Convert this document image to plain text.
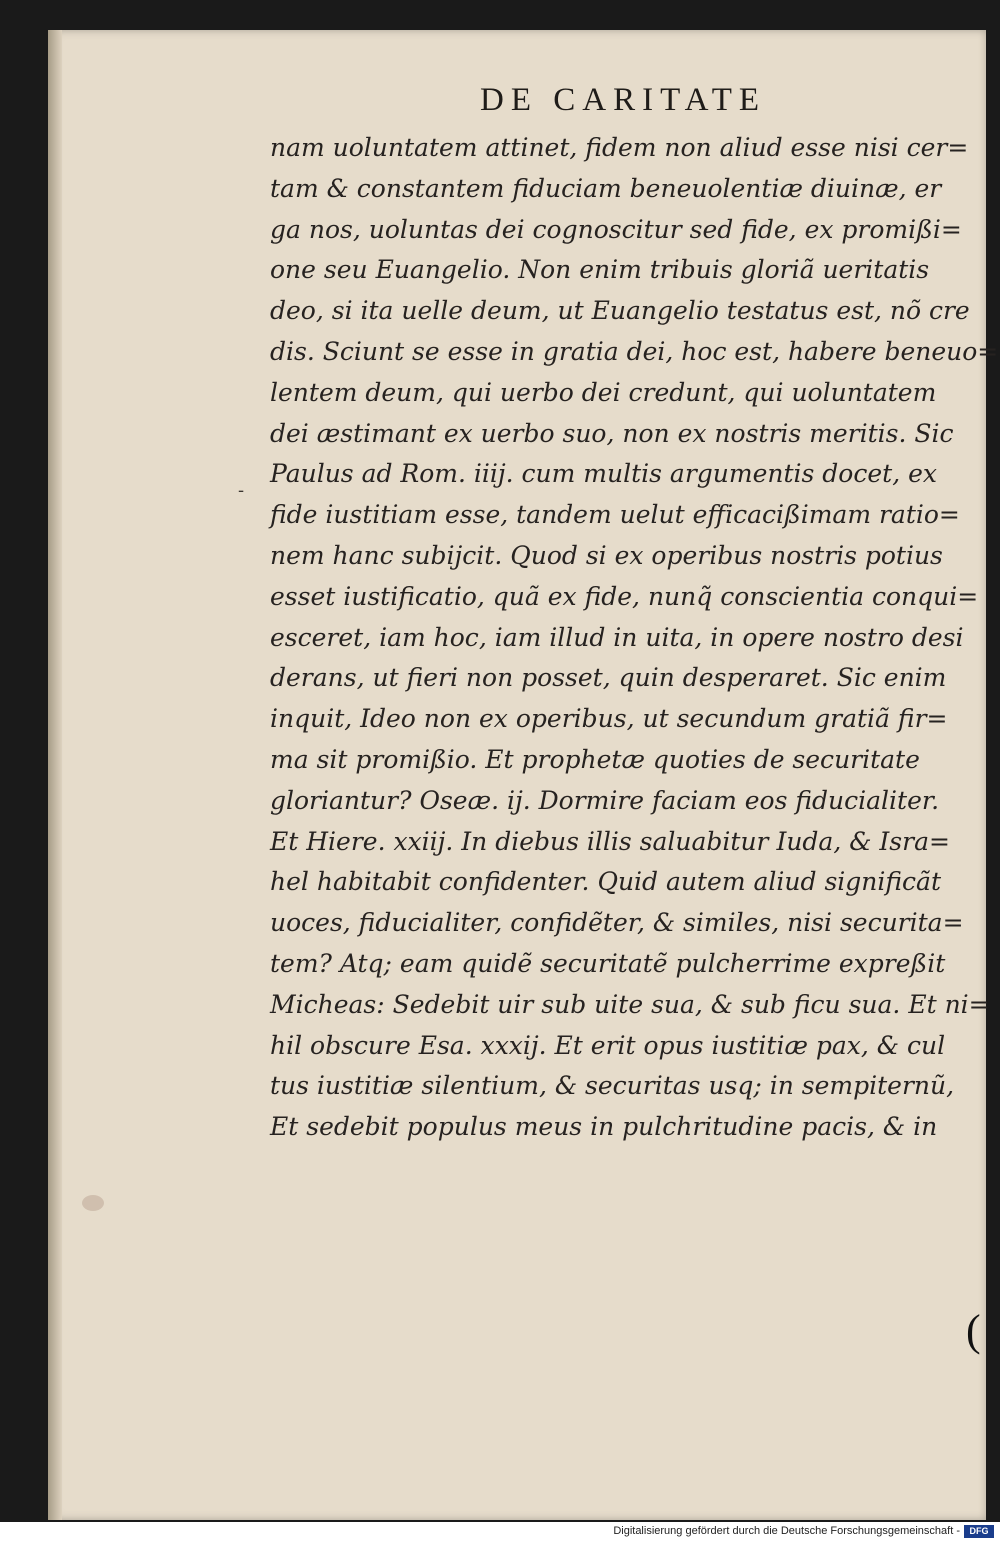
DE CARITATE
-
nam uoluntatem attinet, fidem non aliud esse nisi cer=
tam & constantem fiduciam beneuolentiæ diuinæ, er
ga nos, uoluntas dei cognoscitur sed fide, ex promißi=
one seu Euangelio. Non enim tribuis gloriã ueritatis
deo, si ita uelle deum, ut Euangelio testatus est, nõ cre
dis. Sciunt se esse in gratia dei, hoc est, habere beneuo=
lentem deum, qui uerbo dei credunt, qui uoluntatem
dei æstimant ex uerbo suo, non ex nostris meritis. Sic
Paulus ad Rom. iiij. cum multis argumentis docet, ex
fide iustitiam esse, tandem uelut efficacißimam ratio=
nem hanc subijcit. Quod si ex operibus nostris potius
esset iustificatio, quã ex fide, nunq̃ conscientia conqui=
esceret, iam hoc, iam illud in uita, in opere nostro desi
derans, ut fieri non posset, quin desperaret. Sic enim
inquit, Ideo non ex operibus, ut secundum gratiã fir=
ma sit promißio. Et prophetæ quoties de securitate
gloriantur? Oseæ. ij. Dormire faciam eos fiducialiter.
Et Hiere. xxiij. In diebus illis saluabitur Iuda, & Isra=
hel habitabit confidenter. Quid autem aliud significãt
uoces, fiducialiter, confidẽter, & similes, nisi securita=
tem? Atq; eam quidẽ securitatẽ pulcherrime expreßit
Micheas: Sedebit uir sub uite sua, & sub ficu sua. Et ni=
hil obscure Esa. xxxij. Et erit opus iustitiæ pax, & cul
tus iustitiæ silentium, & securitas usq; in sempiternũ,
Et sedebit populus meus in pulchritudine pacis, & in
(
Digitalisierung gefördert durch die Deutsche Forschungsgemeinschaft -	DFG
